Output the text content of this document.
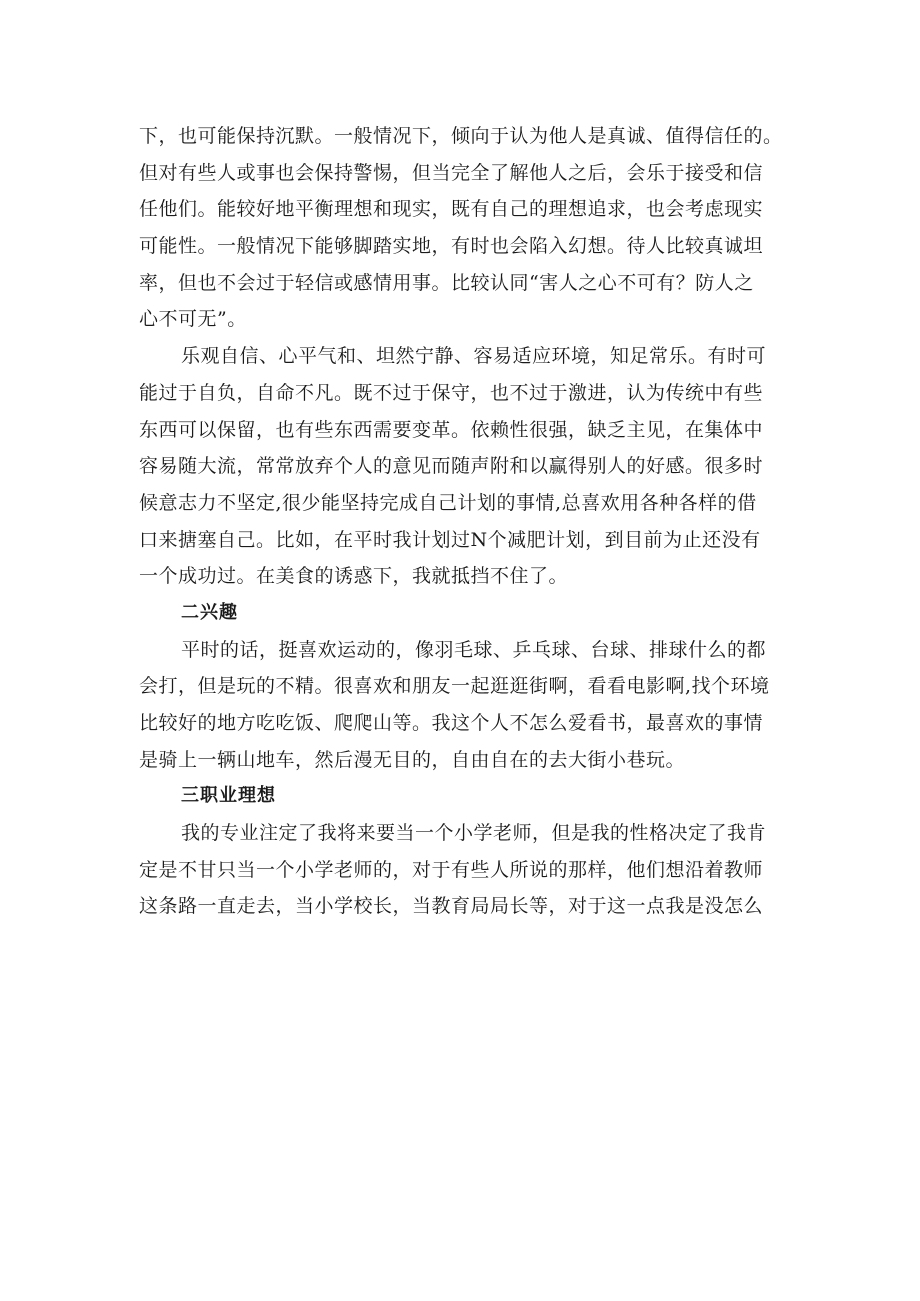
下，也可能保持沉默。一般情况下，倾向于认为他人是真诚、值得信任的。
但对有些人或事也会保持警惕，但当完全了解他人之后，会乐于接受和信
任他们。能较好地平衡理想和现实，既有自己的理想追求，也会考虑现实
可能性。一般情况下能够脚踏实地，有时也会陷入幻想。待人比较真诚坦
率，但也不会过于轻信或感情用事。比较认同“害人之心不可有？防人之
心不可无”。
乐观自信、心平气和、坦然宁静、容易适应环境，知足常乐。有时可
能过于自负，自命不凡。既不过于保守，也不过于激进，认为传统中有些
东西可以保留，也有些东西需要变革。依赖性很强，缺乏主见，在集体中
容易随大流，常常放弃个人的意见而随声附和以赢得别人的好感。很多时
候意志力不坚定,很少能坚持完成自己计划的事情,总喜欢用各种各样的借
口来搪塞自己。比如，在平时我计划过N个减肥计划，到目前为止还没有
一个成功过。在美食的诱惑下，我就抵挡不住了。
二兴趣
平时的话，挺喜欢运动的，像羽毛球、乒乓球、台球、排球什么的都
会打，但是玩的不精。很喜欢和朋友一起逛逛街啊，看看电影啊,找个环境
比较好的地方吃吃饭、爬爬山等。我这个人不怎么爱看书，最喜欢的事情
是骑上一辆山地车，然后漫无目的，自由自在的去大街小巷玩。
三职业理想
我的专业注定了我将来要当一个小学老师，但是我的性格决定了我肯
定是不甘只当一个小学老师的，对于有些人所说的那样，他们想沿着教师
这条路一直走去，当小学校长，当教育局局长等，对于这一点我是没怎么
